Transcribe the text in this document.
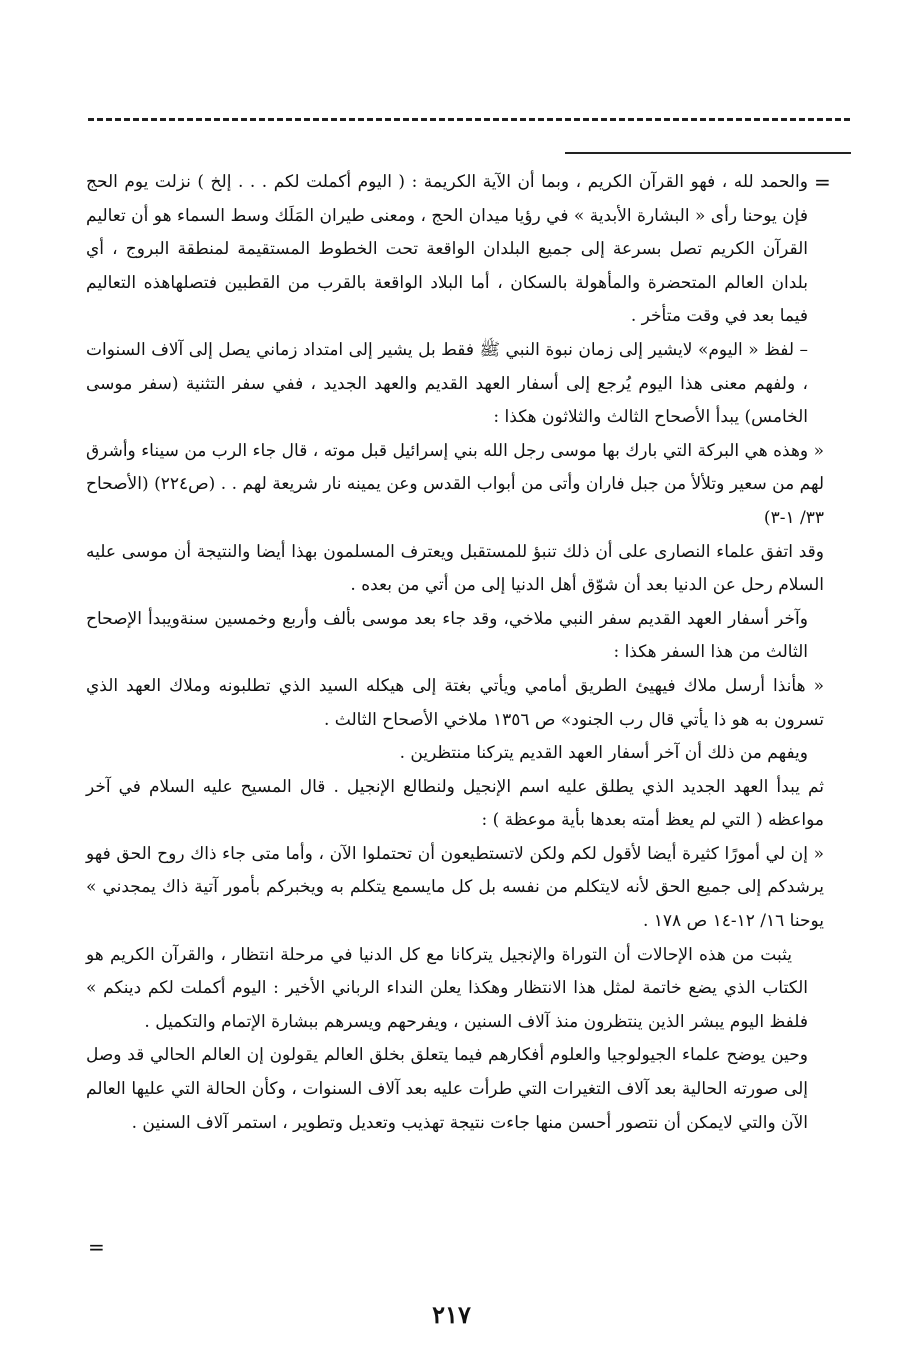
=

والحمد لله ، فهو القرآن الكريم ، وبما أن الآية الكريمة : ( اليوم أكملت لكم . . . إلخ ) نزلت يوم الحج فإن يوحنا رأى « البشارة الأبدية » في رؤيا ميدان الحج ، ومعنى طيران المَلَك وسط السماء هو أن تعاليم القرآن الكريم تصل بسرعة إلى جميع البلدان الواقعة تحت الخطوط المستقيمة لمنطقة البروج ، أي بلدان العالم المتحضرة والمأهولة بالسكان ، أما البلاد الواقعة بالقرب من القطبين فتصلهاهذه التعاليم فيما بعد في وقت متأخر .

– لفظ « اليوم» لايشير إلى زمان نبوة النبي ﷺ فقط بل يشير إلى امتداد زماني يصل إلى آلاف السنوات ، ولفهم معنى هذا اليوم يُرجع إلى أسفار العهد القديم والعهد الجديد ، ففي سفر التثنية (سفر موسى الخامس) يبدأ الأصحاح الثالث والثلاثون هكذا :

« وهذه هي البركة التي بارك بها موسى رجل الله بني إسرائيل قبل موته ، قال جاء الرب من سيناء وأشرق لهم من سعير وتلألأ من جبل فاران وأتى من أبواب القدس وعن يمينه نار شريعة لهم . . (ص٢٢٤) (الأصحاح ٣٣/ ١-٣)

وقد اتفق علماء النصارى على أن ذلك تنبؤ للمستقبل ويعترف المسلمون بهذا أيضا والنتيجة أن موسى عليه السلام رحل عن الدنيا بعد أن شوّق أهل الدنيا إلى من أتي من بعده .

وآخر أسفار العهد القديم سفر النبي ملاخي، وقد جاء بعد موسى بألف وأربع وخمسين سنةويبدأ الإصحاح الثالث من هذا السفر هكذا :

« هأنذا أرسل ملاك فيهيئ الطريق أمامي ويأتي بغتة إلى هيكله السيد الذي تطلبونه وملاك العهد الذي تسرون به هو ذا يأتي قال رب الجنود» ص ١٣٥٦ ملاخي الأصحاح الثالث .

ويفهم من ذلك أن آخر أسفار العهد القديم يتركنا منتظرين .

ثم يبدأ العهد الجديد الذي يطلق عليه اسم الإنجيل ولنطالع الإنجيل . قال المسيح عليه السلام في آخر مواعظه ( التي لم يعظ أمته بعدها بأية موعظة ) :

« إن لي أمورًا كثيرة أيضا لأقول لكم ولكن لاتستطيعون أن تحتملوا الآن ، وأما متى جاء ذاك روح الحق فهو يرشدكم إلى جميع الحق لأنه لايتكلم من نفسه بل كل مايسمع يتكلم به ويخبركم بأمور آتية ذاك يمجدني » يوحنا ١٦/ ١٢-١٤ ص ١٧٨ .

يثبت من هذه الإحالات أن التوراة والإنجيل يتركانا مع كل الدنيا في مرحلة انتظار ، والقرآن الكريم هو الكتاب الذي يضع خاتمة لمثل هذا الانتظار وهكذا يعلن النداء الرباني الأخير : اليوم أكملت لكم دينكم » فلفظ اليوم يبشر الذين ينتظرون منذ آلاف السنين ، ويفرحهم ويسرهم ببشارة الإتمام والتكميل .

وحين يوضح علماء الجيولوجيا والعلوم أفكارهم فيما يتعلق بخلق العالم يقولون إن العالم الحالي قد وصل إلى صورته الحالية بعد آلاف التغيرات التي طرأت عليه بعد آلاف السنوات ، وكأن الحالة التي عليها العالم الآن والتي لايمكن أن نتصور أحسن منها جاءت نتيجة تهذيب وتعديل وتطوير ، استمر آلاف السنين .

=
٢١٧
